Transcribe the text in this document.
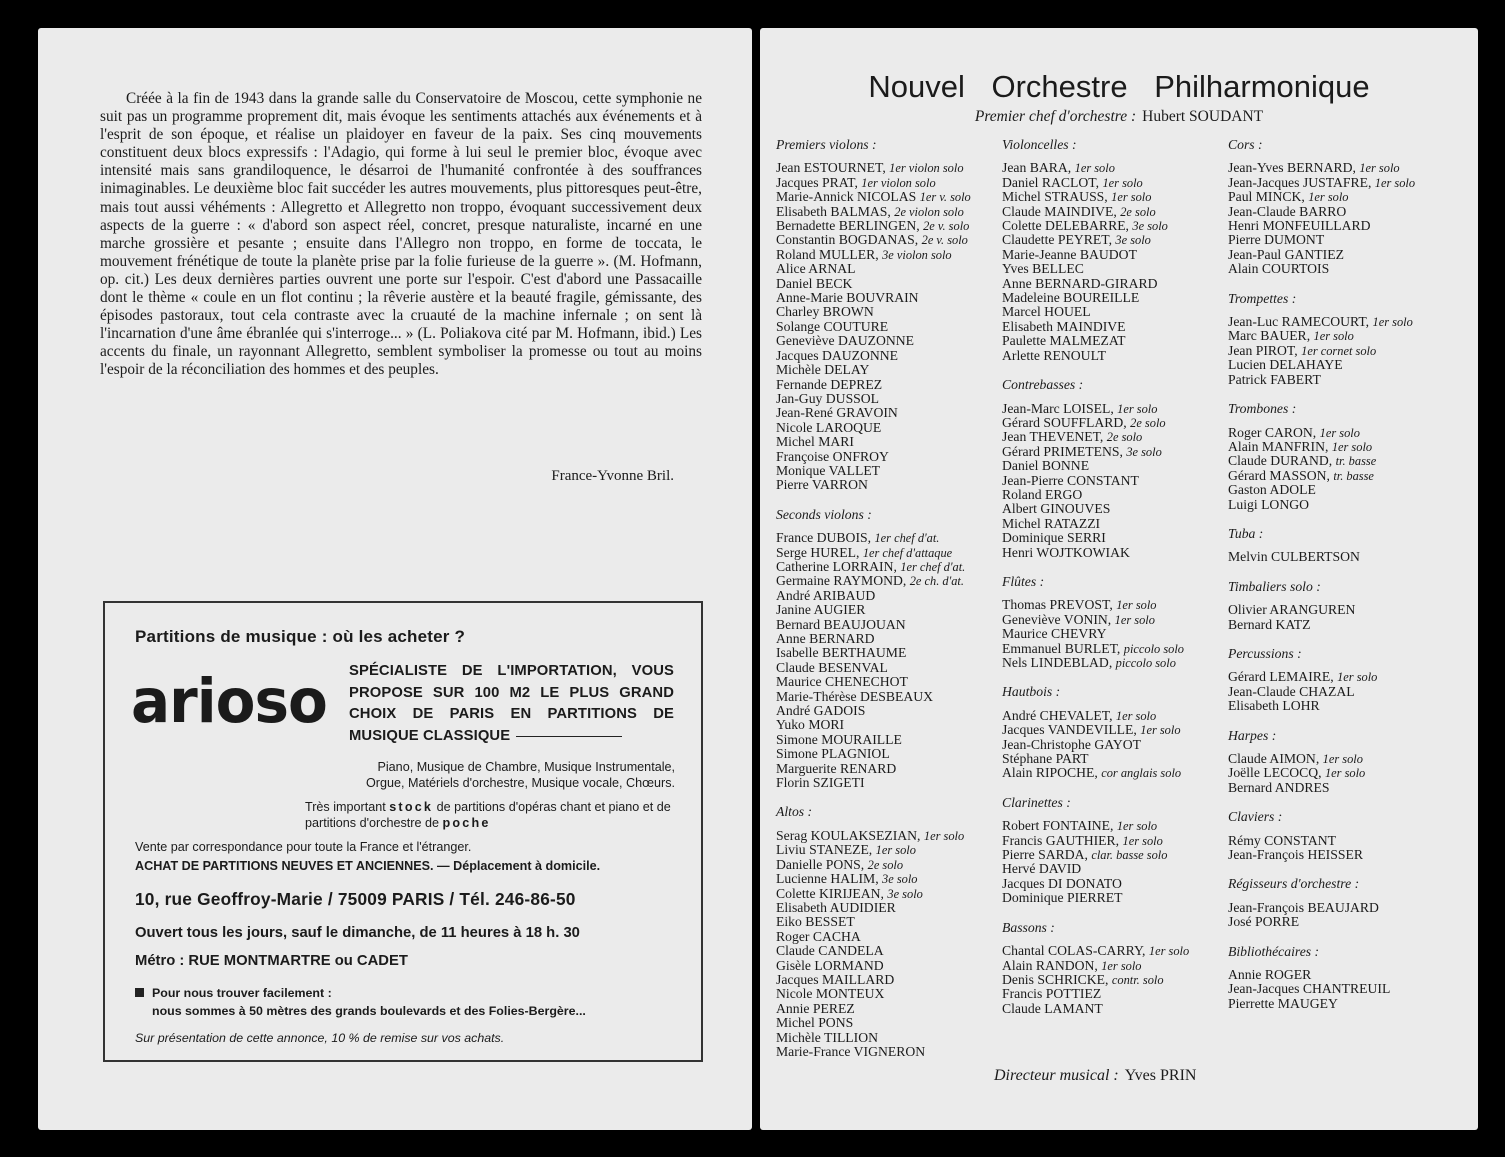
Créée à la fin de 1943 dans la grande salle du Conservatoire de Moscou, cette symphonie ne suit pas un programme proprement dit, mais évoque les sentiments attachés aux événements et à l'esprit de son époque, et réalise un plaidoyer en faveur de la paix. Ses cinq mouvements constituent deux blocs expressifs : l'Adagio, qui forme à lui seul le premier bloc, évoque avec intensité mais sans grandiloquence, le désarroi de l'humanité confrontée à des souffrances inimaginables. Le deuxième bloc fait succéder les autres mouvements, plus pittoresques peut-être, mais tout aussi véhéments : Allegretto et Allegretto non troppo, évoquant successivement deux aspects de la guerre : « d'abord son aspect réel, concret, presque naturaliste, incarné en une marche grossière et pesante ; ensuite dans l'Allegro non troppo, en forme de toccata, le mouvement frénétique de toute la planète prise par la folie furieuse de la guerre ». (M. Hofmann, op. cit.) Les deux dernières parties ouvrent une porte sur l'espoir. C'est d'abord une Passacaille dont le thème « coule en un flot continu ; la rêverie austère et la beauté fragile, gémissante, des épisodes pastoraux, tout cela contraste avec la cruauté de la machine infernale ; on sent là l'incarnation d'une âme ébranlée qui s'interroge... » (L. Poliakova cité par M. Hofmann, ibid.) Les accents du finale, un rayonnant Allegretto, semblent symboliser la promesse ou tout au moins l'espoir de la réconciliation des hommes et des peuples.

France-Yvonne Bril.
Partitions de musique : où les acheter ?
arioso SPÉCIALISTE DE L'IMPORTATION, VOUS PROPOSE SUR 100 M2 LE PLUS GRAND CHOIX DE PARIS EN PARTITIONS DE MUSIQUE CLASSIQUE
Piano, Musique de Chambre, Musique Instrumentale,
Orgue, Matériels d'orchestre, Musique vocale, Chœurs.
Très important stock de partitions d'opéras chant et piano et de partitions d'orchestre de poche
Vente par correspondance pour toute la France et l'étranger.
ACHAT DE PARTITIONS NEUVES ET ANCIENNES. — Déplacement à domicile.
10, rue Geoffroy-Marie / 75009 PARIS / Tél. 246-86-50
Ouvert tous les jours, sauf le dimanche, de 11 heures à 18 h. 30
Métro : RUE MONTMARTRE ou CADET
Pour nous trouver facilement :
nous sommes à 50 mètres des grands boulevards et des Folies-Bergère...
Sur présentation de cette annonce, 10 % de remise sur vos achats.
Nouvel Orchestre Philharmonique
Premier chef d'orchestre : Hubert SOUDANT
Premiers violons :
Jean ESTOURNET, 1er violon solo
Jacques PRAT, 1er violon solo
Marie-Annick NICOLAS 1er v. solo
Elisabeth BALMAS, 2e violon solo
Bernadette BERLINGEN, 2e v. solo
Constantin BOGDANAS, 2e v. solo
Roland MULLER, 3e violon solo
Alice ARNAL
Daniel BECK
Anne-Marie BOUVRAIN
Charley BROWN
Solange COUTURE
Geneviève DAUZONNE
Jacques DAUZONNE
Michèle DELAY
Fernande DEPREZ
Jan-Guy DUSSOL
Jean-René GRAVOIN
Nicole LAROQUE
Michel MARI
Françoise ONFROY
Monique VALLET
Pierre VARRON
Seconds violons :
France DUBOIS, 1er chef d'at.
Serge HUREL, 1er chef d'attaque
Catherine LORRAIN, 1er chef d'at.
Germaine RAYMOND, 2e ch. d'at.
André ARIBAUD
Janine AUGIER
Bernard BEAUJOUAN
Anne BERNARD
Isabelle BERTHAUME
Claude BESENVAL
Maurice CHENECHOT
Marie-Thérèse DESBEAUX
André GADOIS
Yuko MORI
Simone MOURAILLE
Simone PLAGNIOL
Marguerite RENARD
Florin SZIGETI
Altos :
Serag KOULAKSEZIAN, 1er solo
Liviu STANEZE, 1er solo
Danielle PONS, 2e solo
Lucienne HALIM, 3e solo
Colette KIRIJEAN, 3e solo
Elisabeth AUDIDIER
Eiko BESSET
Roger CACHA
Claude CANDELA
Gisèle LORMAND
Jacques MAILLARD
Nicole MONTEUX
Annie PEREZ
Michel PONS
Michèle TILLION
Marie-France VIGNERON
Violoncelles :
Jean BARA, 1er solo
Daniel RACLOT, 1er solo
Michel STRAUSS, 1er solo
Claude MAINDIVE, 2e solo
Colette DELEBARRE, 3e solo
Claudette PEYRET, 3e solo
Marie-Jeanne BAUDOT
Yves BELLEC
Anne BERNARD-GIRARD
Madeleine BOUREILLE
Marcel HOUEL
Elisabeth MAINDIVE
Paulette MALMEZAT
Arlette RENOULT
Contrebasses :
Jean-Marc LOISEL, 1er solo
Gérard SOUFFLARD, 2e solo
Jean THEVENET, 2e solo
Gérard PRIMETENS, 3e solo
Daniel BONNE
Jean-Pierre CONSTANT
Roland ERGO
Albert GINOUVES
Michel RATAZZI
Dominique SERRI
Henri WOJTKOWIAK
Flûtes :
Thomas PREVOST, 1er solo
Geneviève VONIN, 1er solo
Maurice CHEVRY
Emmanuel BURLET, piccolo solo
Nels LINDEBLAD, piccolo solo
Hautbois :
André CHEVALET, 1er solo
Jacques VANDEVILLE, 1er solo
Jean-Christophe GAYOT
Stéphane PART
Alain RIPOCHE, cor anglais solo
Clarinettes :
Robert FONTAINE, 1er solo
Francis GAUTHIER, 1er solo
Pierre SARDA, clar. basse solo
Hervé DAVID
Jacques DI DONATO
Dominique PIERRET
Bassons :
Chantal COLAS-CARRY, 1er solo
Alain RANDON, 1er solo
Denis SCHRICKE, contr. solo
Francis POTTIEZ
Claude LAMANT
Cors :
Jean-Yves BERNARD, 1er solo
Jean-Jacques JUSTAFRE, 1er solo
Paul MINCK, 1er solo
Jean-Claude BARRO
Henri MONFEUILLARD
Pierre DUMONT
Jean-Paul GANTIEZ
Alain COURTOIS
Trompettes :
Jean-Luc RAMECOURT, 1er solo
Marc BAUER, 1er solo
Jean PIROT, 1er cornet solo
Lucien DELAHAYE
Patrick FABERT
Trombones :
Roger CARON, 1er solo
Alain MANFRIN, 1er solo
Claude DURAND, tr. basse
Gérard MASSON, tr. basse
Gaston ADOLE
Luigi LONGO
Tuba :
Melvin CULBERTSON
Timbaliers solo :
Olivier ARANGUREN
Bernard KATZ
Percussions :
Gérard LEMAIRE, 1er solo
Jean-Claude CHAZAL
Elisabeth LOHR
Harpes :
Claude AIMON, 1er solo
Joëlle LECOCQ, 1er solo
Bernard ANDRES
Claviers :
Rémy CONSTANT
Jean-François HEISSER
Régisseurs d'orchestre :
Jean-François BEAUJARD
José PORRE
Bibliothécaires :
Annie ROGER
Jean-Jacques CHANTREUIL
Pierrette MAUGEY
Directeur musical : Yves PRIN
